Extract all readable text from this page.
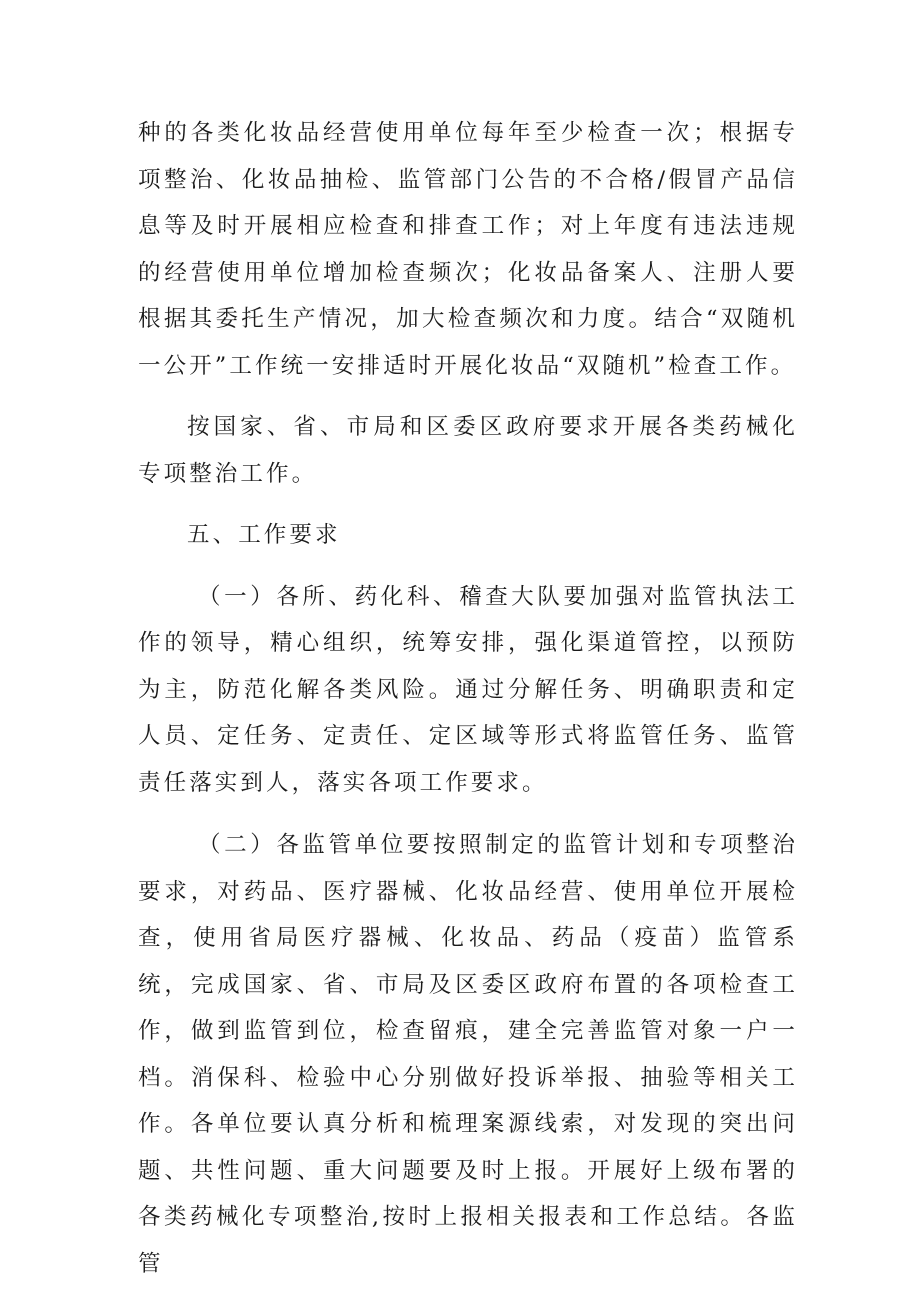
种的各类化妆品经营使用单位每年至少检查一次；根据专项整治、化妆品抽检、监管部门公告的不合格/假冒产品信息等及时开展相应检查和排查工作；对上年度有违法违规的经营使用单位增加检查频次；化妆品备案人、注册人要根据其委托生产情况，加大检查频次和力度。结合“双随机一公开”工作统一安排适时开展化妆品“双随机”检查工作。

按国家、省、市局和区委区政府要求开展各类药械化专项整治工作。

五、工作要求

（一）各所、药化科、稽查大队要加强对监管执法工作的领导，精心组织，统筹安排，强化渠道管控，以预防为主，防范化解各类风险。通过分解任务、明确职责和定人员、定任务、定责任、定区域等形式将监管任务、监管责任落实到人，落实各项工作要求。

（二）各监管单位要按照制定的监管计划和专项整治要求，对药品、医疗器械、化妆品经营、使用单位开展检查，使用省局医疗器械、化妆品、药品（疫苗）监管系统，完成国家、省、市局及区委区政府布置的各项检查工作，做到监管到位，检查留痕，建全完善监管对象一户一档。消保科、检验中心分别做好投诉举报、抽验等相关工作。各单位要认真分析和梳理案源线索，对发现的突出问题、共性问题、重大问题要及时上报。开展好上级布署的各类药械化专项整治,按时上报相关报表和工作总结。各监管
